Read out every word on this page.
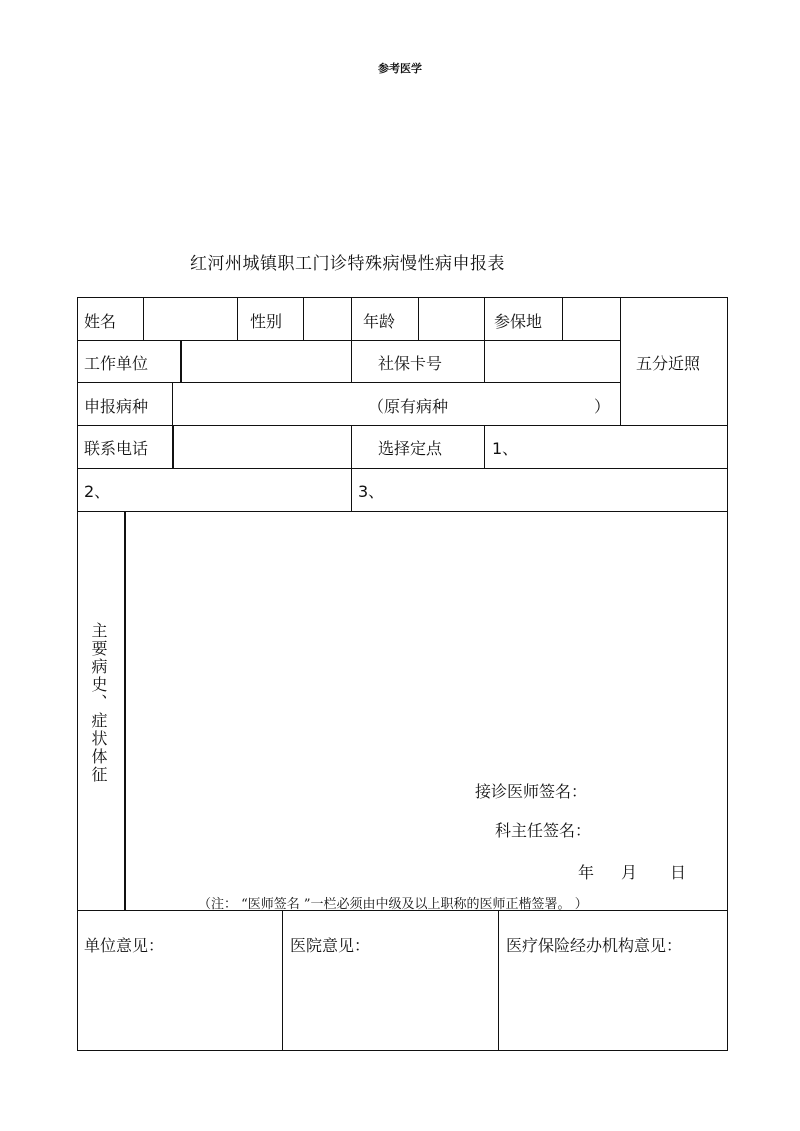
参考医学
红河州城镇职工门诊特殊病慢性病申报表
姓名	性别	年龄	参保地
五分近照
工作单位	社保卡号
申报病种	（原有病种	）
联系电话	选择定点	1、
2、	3、
主要病史、症状体征
接诊医师签名：
科主任签名：
年 月 日
（注： “医师签名 ”一栏必须由中级及以上职称的医师正楷签署。 ）
单位意见：	医院意见：	医疗保险经办机构意见：
